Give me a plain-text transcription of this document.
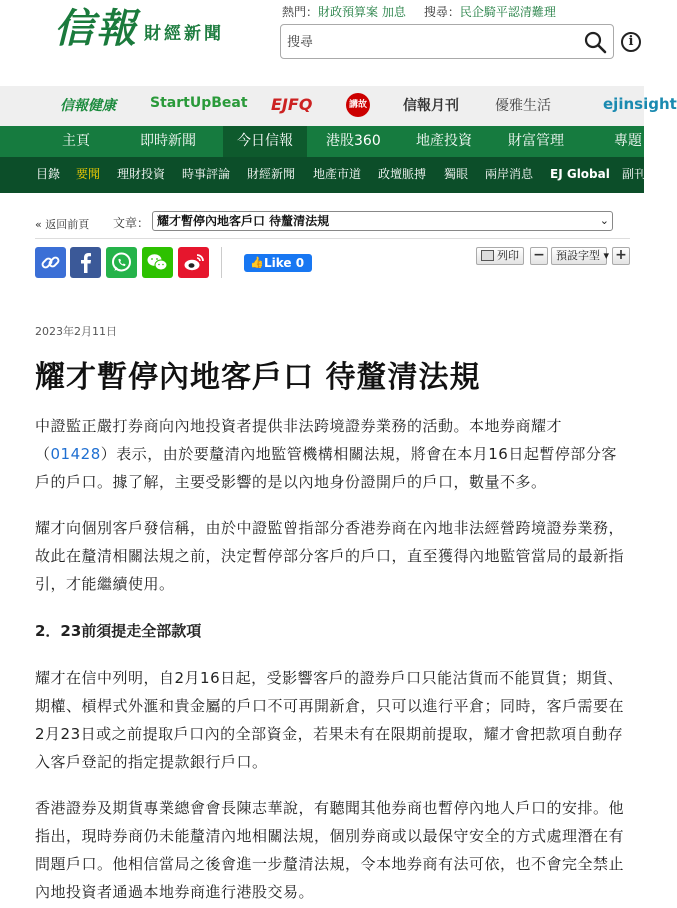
信報 財經新聞
熱門：財政預算案 加息 搜尋：民企騎平認清難理
搜尋
i
信報健康 StartUpBeat EJFQ	講故	信報月刊	優雅生活	ejinsight
主頁	即時新聞	今日信報	港股360	地產投資	財富管理	專題
目錄 要聞 理財投資 時事評論 財經新聞 地產市道 政壇脈搏 獨眼 兩岸消息 EJ Global 副刊
« 返回前頁 文章： 耀才暫停內地客戶口 待釐清法規	⌄
👍 Like 0
列印	−	預設字型 ▾ +
2023年2月11日
耀才暫停內地客戶口 待釐清法規

中證監正嚴打券商向內地投資者提供非法跨境證券業務的活動。本地券商耀才（01428）表示，由於要釐清內地監管機構相關法規，將會在本月16日起暫停部分客戶的戶口。據了解，主要受影響的是以內地身份證開戶的戶口，數量不多。

耀才向個別客戶發信稱，由於中證監曾指部分香港券商在內地非法經營跨境證券業務，故此在釐清相關法規之前，決定暫停部分客戶的戶口，直至獲得內地監管當局的最新指引，才能繼續使用。

2．23前須提走全部款項

耀才在信中列明，自2月16日起，受影響客戶的證券戶口只能沽貨而不能買貨；期貨、期權、槓桿式外滙和貴金屬的戶口不可再開新倉，只可以進行平倉；同時，客戶需要在2月23日或之前提取戶口內的全部資金，若果未有在限期前提取，耀才會把款項自動存入客戶登記的指定提款銀行戶口。

香港證券及期貨專業總會會長陳志華說，有聽聞其他券商也暫停內地人戶口的安排。他指出，現時券商仍未能釐清內地相關法規，個別券商或以最保守安全的方式處理潛在有問題戶口。他相信當局之後會進一步釐清法規，令本地券商有法可依，也不會完全禁止內地投資者通過本地券商進行港股交易。
